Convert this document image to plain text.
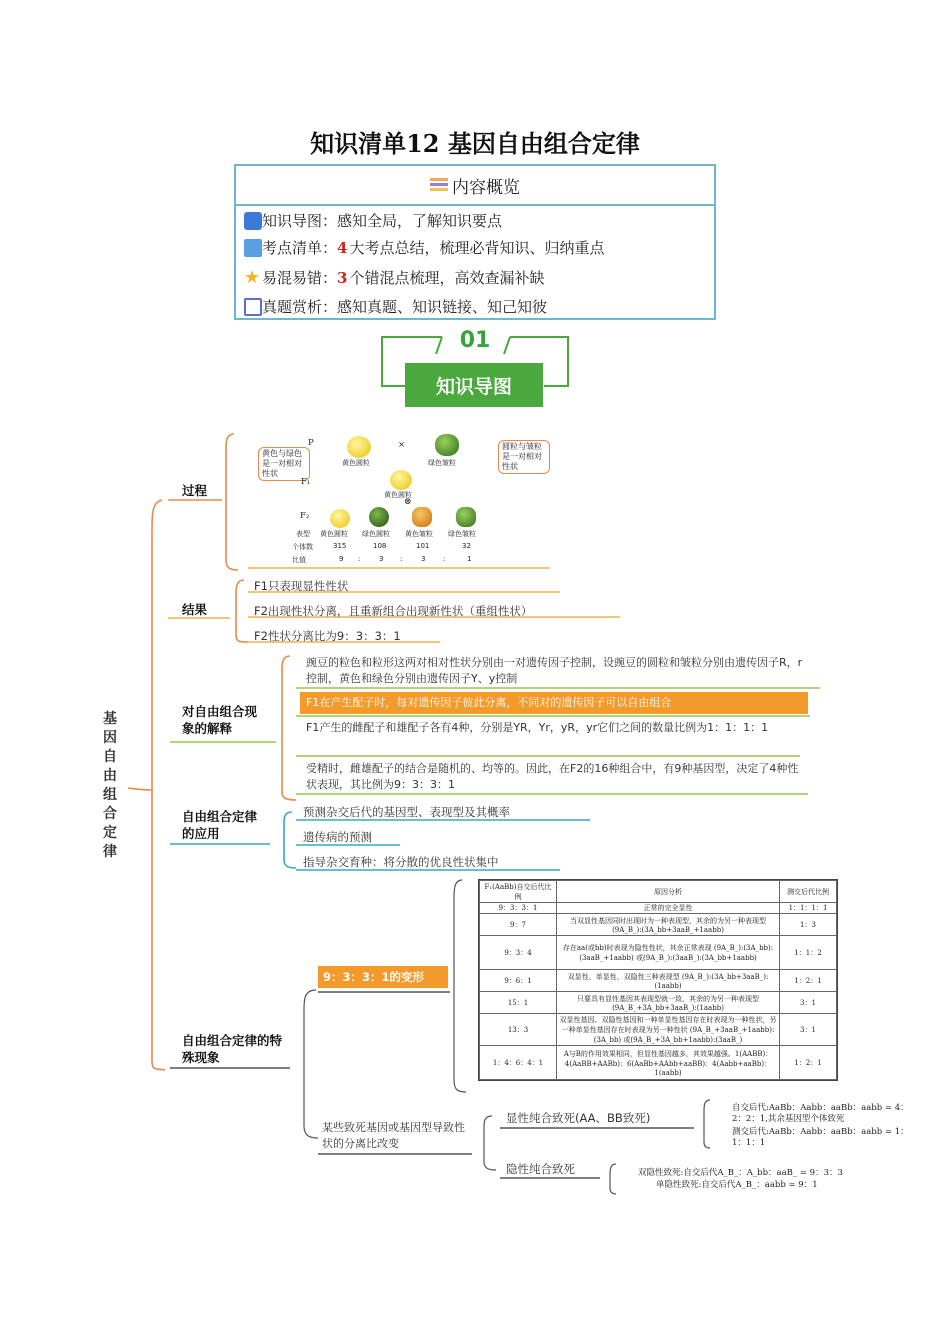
知识清单12 基因自由组合定律
内容概览
知识导图： 感知全局，了解知识要点
考点清单： 4 大考点总结，梳理必背知识、归纳重点
★ 易混易错： 3 个错混点梳理，高效查漏补缺
真题赏析： 感知真题、知识链接、知己知彼
01
知识导图
基因自由组合定律
过程
黄色与绿色是一对相对性状
圆粒与皱粒是一对相对性状
P
黄色圆粒
×
绿色皱粒
F₁
黄色圆粒
⊗
F₂
表型 黄色圆粒 绿色圆粒 黄色皱粒 绿色皱粒
个体数	315	108	101	32
比值	9 :	3 :	3	:	1
结果
F1只表现显性性状
F2出现性状分离，且重新组合出现新性状（重组性状）
F2性状分离比为9：3：3：1
对自由组合现象的解释
豌豆的粒色和粒形这两对相对性状分别由一对遗传因子控制，设豌豆的圆粒和皱粒分别由遗传因子R，r控制，黄色和绿色分别由遗传因子Y、y控制
F1在产生配子时，每对遗传因子彼此分离，不同对的遗传因子可以自由组合
F1产生的雌配子和雄配子各有4种，分别是YR，Yr，yR，yr它们之间的数量比例为1：1：1：1
受精时，雌雄配子的结合是随机的、均等的。因此，在F2的16种组合中，有9种基因型，决定了4种性状表现，其比例为9：3：3：1
自由组合定律的应用
预测杂交后代的基因型、表现型及其概率
遗传病的预测
指导杂交育种：将分散的优良性状集中
自由组合定律的特殊现象
9：3：3：1的变形
F₁(AaBb)自交后代比例	原因分析	测交后代比例
9：3：3：1	正常的完全显性	1：1：1：1
9：7	当双显性基因同时出现时为一种表现型，其余的为另一种表现型 (9A_B_):(3A_bb+3aaB_+1aabb)	1：3
9：3：4	存在aa(或bb)时表现为隐性性状，其余正常表现 (9A_B_):(3A_bb):(3aaB_+1aabb) 或(9A_B_):(3aaB_):(3A_bb+1aabb)	1：1：2
9：6：1	双显性、单显性、双隐性三种表现型 (9A_B_):(3A_bb+3aaB_):(1aabb)	1：2：1
15：1	只要具有显性基因其表现型就一致，其余的为另一种表现型 (9A_B_+3A_bb+3aaB_):(1aabb)	3：1
13：3	双显性基因、双隐性基因和一种单显性基因存在时表现为一种性状，另一种单显性基因存在时表现为另一种性状 (9A_B_+3aaB_+1aabb):(3A_bb) 或(9A_B_+3A_bb+1aabb):(3aaB_)	3：1
1：4：6：4：1	A与B的作用效果相同，但显性基因越多，其效果越强。1(AABB)：4(AaBB+AABb)：6(AaBb+AAbb+aaBB)：4(Aabb+aaBb)：1(aabb)	1：2：1
某些致死基因或基因型导致性状的分离比改变
显性纯合致死(AA、BB致死)
自交后代:AaBb：Aabb：aaBb：aabb = 4：2：2：1,其余基因型个体致死
测交后代:AaBb：Aabb：aaBb：aabb = 1：1：1：1
隐性纯合致死	双隐性致死:自交后代A_B_：A_bb：aaB_ = 9：3：3
单隐性致死:自交后代A_B_：aabb = 9：1
